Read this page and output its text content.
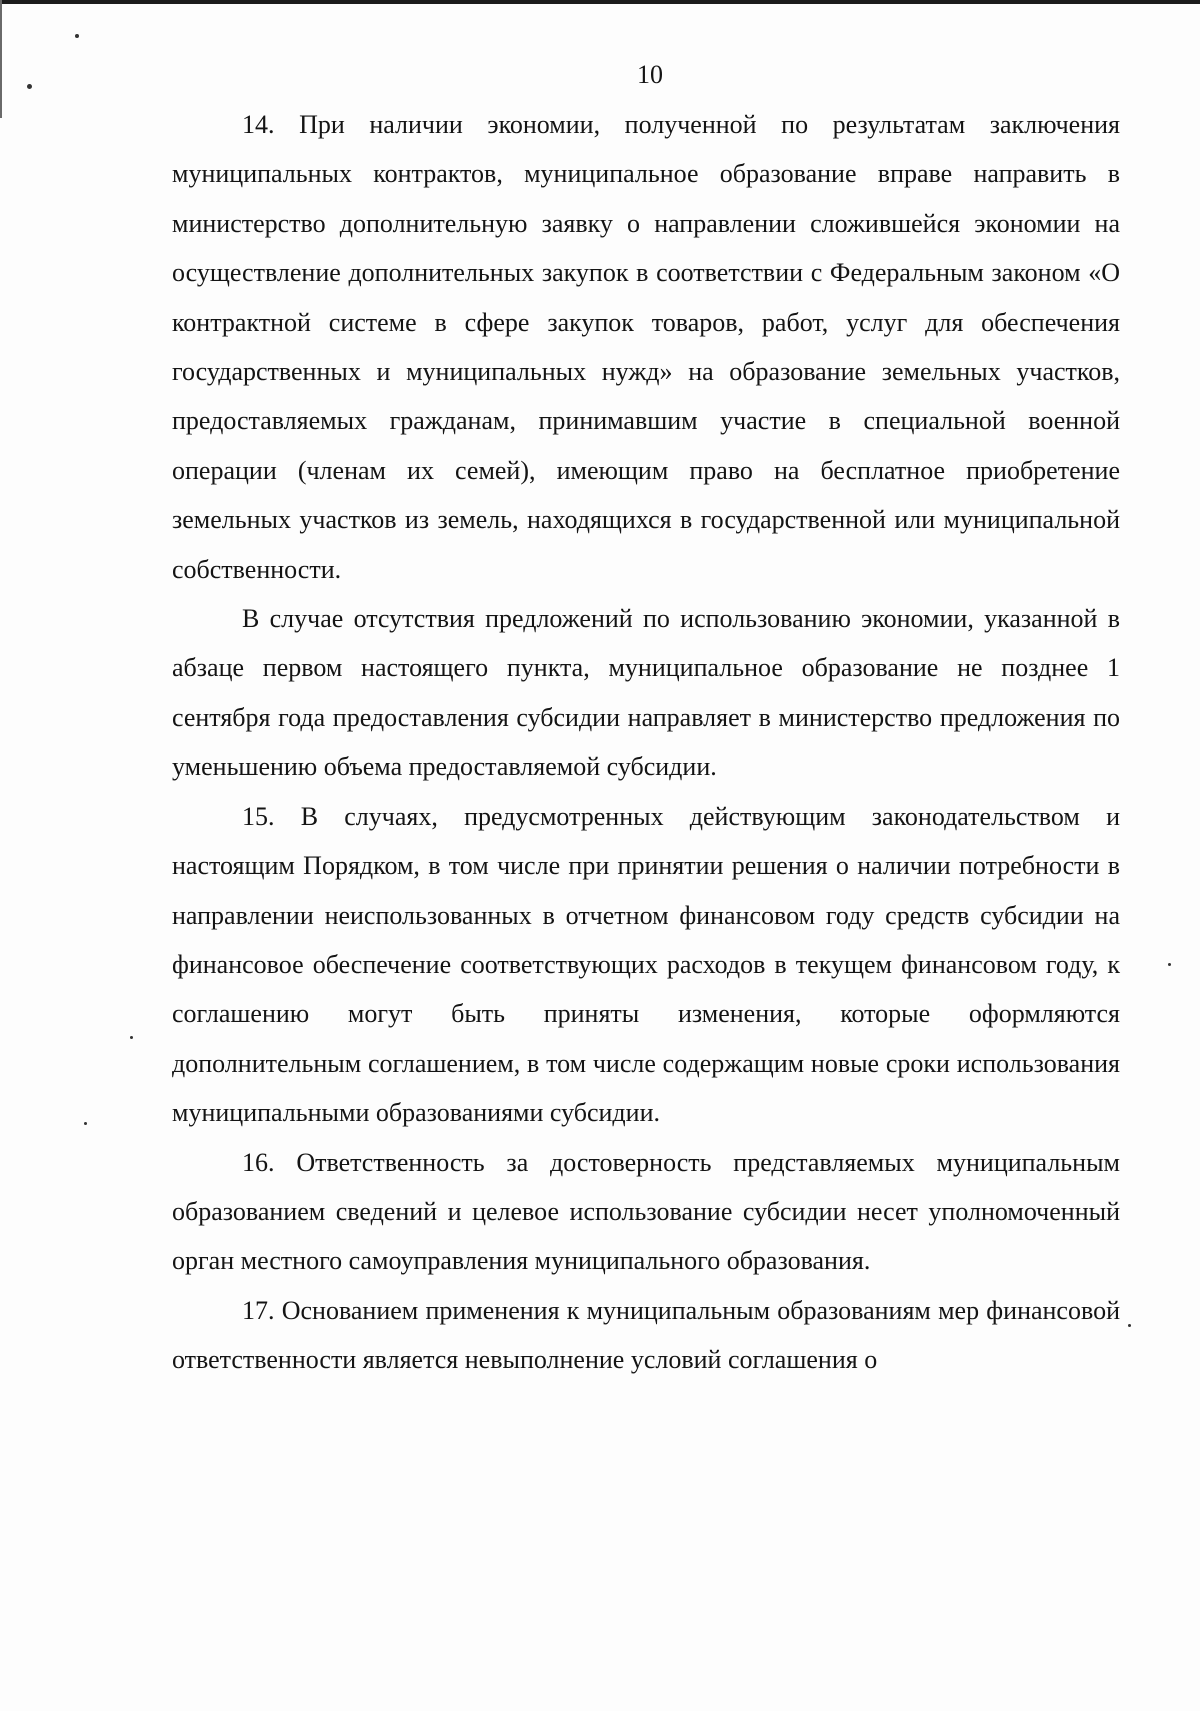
10

14. При наличии экономии, полученной по результатам заключения муниципальных контрактов, муниципальное образование вправе направить в министерство дополнительную заявку о направлении сложившейся экономии на осуществление дополнительных закупок в соответствии с Федеральным законом «О контрактной системе в сфере закупок товаров, работ, услуг для обеспечения государственных и муниципальных нужд» на образование земельных участков, предоставляемых гражданам, принимавшим участие в специальной военной операции (членам их семей), имеющим право на бесплатное приобретение земельных участков из земель, находящихся в государственной или муниципальной собственности.

В случае отсутствия предложений по использованию экономии, указанной в абзаце первом настоящего пункта, муниципальное образование не позднее 1 сентября года предоставления субсидии направляет в министерство предложения по уменьшению объема предоставляемой субсидии.

15. В случаях, предусмотренных действующим законодательством и настоящим Порядком, в том числе при принятии решения о наличии потребности в направлении неиспользованных в отчетном финансовом году средств субсидии на финансовое обеспечение соответствующих расходов в текущем финансовом году, к соглашению могут быть приняты изменения, которые оформляются дополнительным соглашением, в том числе содержащим новые сроки использования муниципальными образованиями субсидии.

16. Ответственность за достоверность представляемых муниципальным образованием сведений и целевое использование субсидии несет уполномоченный орган местного самоуправления муниципального образования.

17. Основанием применения к муниципальным образованиям мер финансовой ответственности является невыполнение условий соглашения о
